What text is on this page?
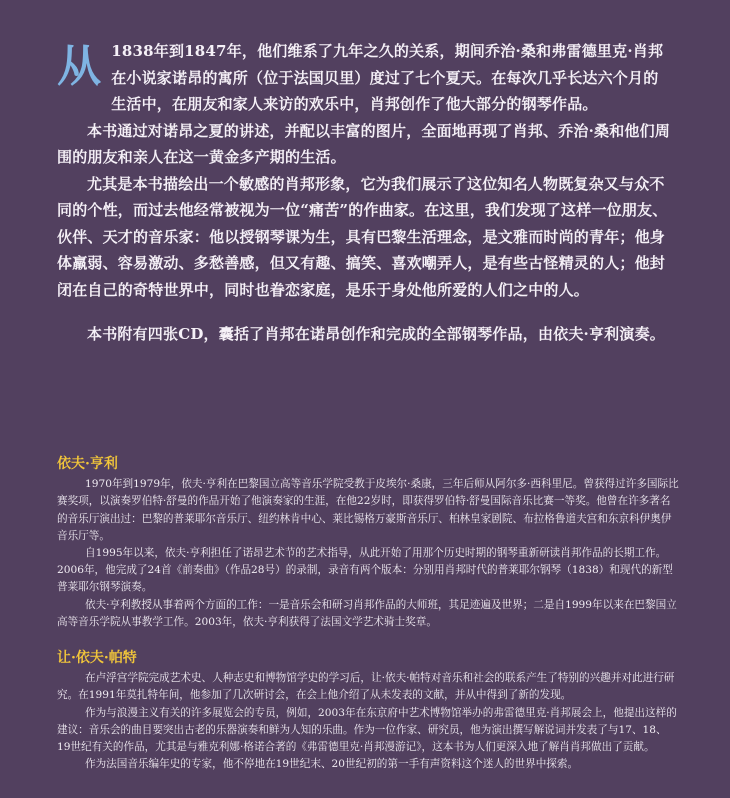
从 1838年到1847年，他们维系了九年之久的关系，期间乔治·桑和弗雷德里克·肖邦在小说家诺昂的寓所（位于法国贝里）度过了七个夏天。在每次几乎长达六个月的生活中，在朋友和家人来访的欢乐中，肖邦创作了他大部分的钢琴作品。

本书通过对诺昂之夏的讲述，并配以丰富的图片，全面地再现了肖邦、乔治·桑和他们周围的朋友和亲人在这一黄金多产期的生活。

尤其是本书描绘出一个敏感的肖邦形象，它为我们展示了这位知名人物既复杂又与众不同的个性，而过去他经常被视为一位“痛苦”的作曲家。在这里，我们发现了这样一位朋友、伙伴、天才的音乐家：他以授钢琴课为生，具有巴黎生活理念，是文雅而时尚的青年；他身体羸弱、容易激动、多愁善感，但又有趣、搞笑、喜欢嘲弄人，是有些古怪精灵的人；他封闭在自己的奇特世界中，同时也眷恋家庭，是乐于身处他所爱的人们之中的人。

本书附有四张CD，囊括了肖邦在诺昂创作和完成的全部钢琴作品，由依夫·亨利演奏。

依夫·亨利

1970年到1979年，依夫·亨利在巴黎国立高等音乐学院受教于皮埃尔·桑康，三年后师从阿尔多·西科里尼。曾获得过许多国际比赛奖项，以演奏罗伯特·舒曼的作品开始了他演奏家的生涯，在他22岁时，即获得罗伯特·舒曼国际音乐比赛一等奖。他曾在许多著名的音乐厅演出过：巴黎的普莱耶尔音乐厅、纽约林肯中心、莱比锡格万豪斯音乐厅、柏林皇家剧院、布拉格鲁道夫宫和东京科伊奥伊音乐厅等。

自1995年以来，依夫·亨利担任了诺昂艺术节的艺术指导，从此开始了用那个历史时期的钢琴重新研读肖邦作品的长期工作。2006年，他完成了24首《前奏曲》（作品28号）的录制，录音有两个版本：分别用肖邦时代的普莱耶尔钢琴（1838）和现代的新型普莱耶尔钢琴演奏。

依夫·亨利教授从事着两个方面的工作：一是音乐会和研习肖邦作品的大师班，其足迹遍及世界；二是自1999年以来在巴黎国立高等音乐学院从事教学工作。2003年，依夫·亨利获得了法国文学艺术骑士奖章。

让·依夫·帕特

在卢浮宫学院完成艺术史、人种志史和博物馆学史的学习后，让·依夫·帕特对音乐和社会的联系产生了特别的兴趣并对此进行研究。在1991年莫扎特年间，他参加了几次研讨会，在会上他介绍了从未发表的文献，并从中得到了新的发现。

作为与浪漫主义有关的许多展览会的专员，例如，2003年在东京府中艺术博物馆举办的弗雷德里克·肖邦展会上，他提出这样的建议：音乐会的曲目要突出古老的乐器演奏和鲜为人知的乐曲。作为一位作家、研究员，他为演出撰写解说词并发表了与17、18、19世纪有关的作品，尤其是与雅克利娜·格诺合著的《弗雷德里克·肖邦漫游记》，这本书为人们更深入地了解肖肖邦做出了贡献。

作为法国音乐编年史的专家，他不停地在19世纪末、20世纪初的第一手有声资料这个迷人的世界中探索。
